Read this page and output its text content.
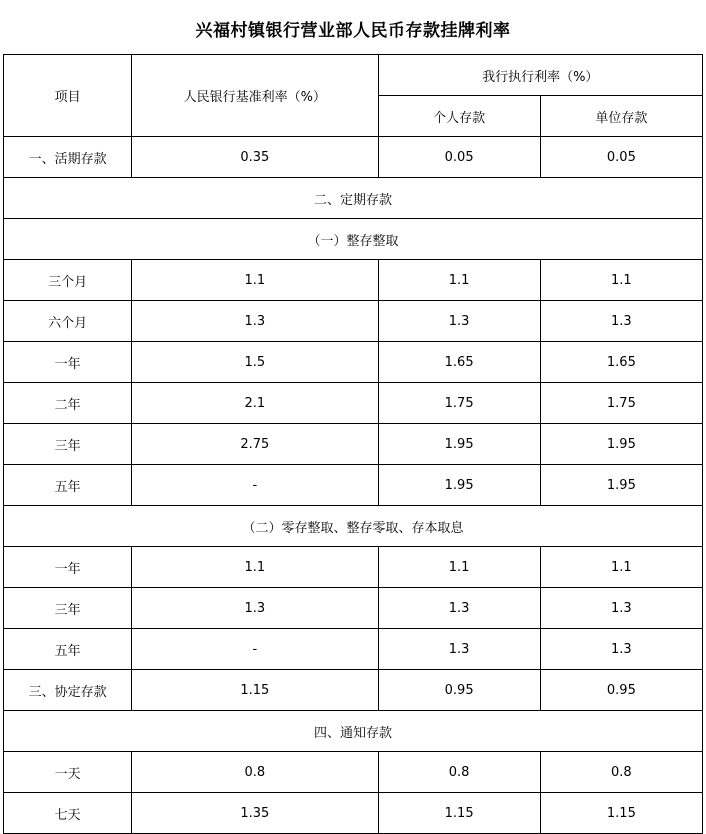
兴福村镇银行营业部人民币存款挂牌利率
项目	人民银行基准利率（%）	我行执行利率（%）	
		个人存款	单位存款
一、活期存款	0.35	0.05	0.05
二、定期存款			
（一）整存整取			
三个月	1.1	1.1	1.1
六个月	1.3	1.3	1.3
一年	1.5	1.65	1.65
二年	2.1	1.75	1.75
三年	2.75	1.95	1.95
五年	-	1.95	1.95
（二）零存整取、整存零取、存本取息			
一年	1.1	1.1	1.1
三年	1.3	1.3	1.3
五年	-	1.3	1.3
三、协定存款	1.15	0.95	0.95
四、通知存款			
一天	0.8	0.8	0.8
七天	1.35	1.15	1.15
